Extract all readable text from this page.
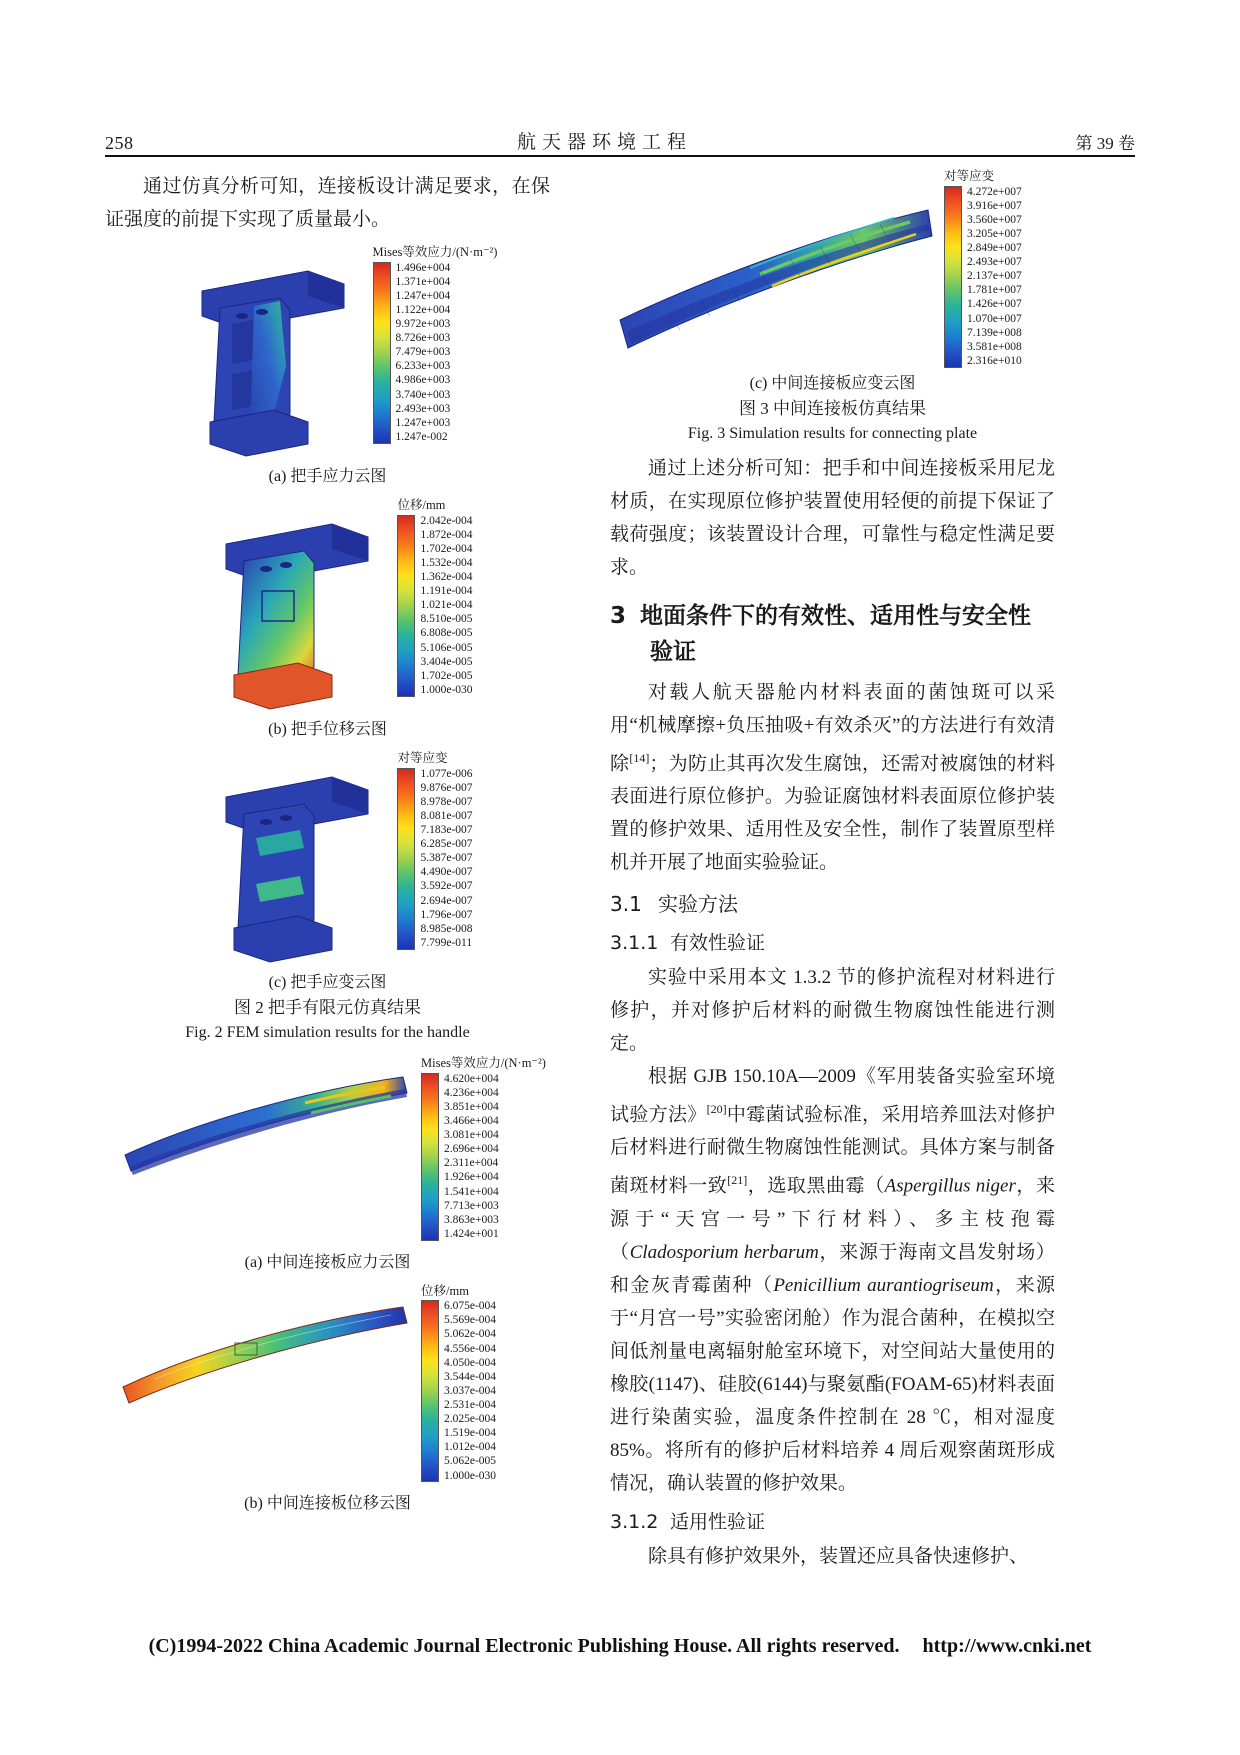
258	航天器环境工程	第 39 卷

通过仿真分析可知，连接板设计满足要求，在保证强度的前提下实现了质量最小。

Mises等效应力/(N·m⁻²)
1.496e+004
1.371e+004
1.247e+004
1.122e+004
9.972e+003
8.726e+003
7.479e+003
6.233e+003
4.986e+003
3.740e+003
2.493e+003
1.247e+003
1.247e-002
(a) 把手应力云图
位移/mm
2.042e-004
1.872e-004
1.702e-004
1.532e-004
1.362e-004
1.191e-004
1.021e-004
8.510e-005
6.808e-005
5.106e-005
3.404e-005
1.702e-005
1.000e-030
(b) 把手位移云图
对等应变
1.077e-006
9.876e-007
8.978e-007
8.081e-007
7.183e-007
6.285e-007
5.387e-007
4.490e-007
3.592e-007
2.694e-007
1.796e-007
8.985e-008
7.799e-011
(c) 把手应变云图
图 2 把手有限元仿真结果
Fig. 2 FEM simulation results for the handle
Mises等效应力/(N·m⁻²)
4.620e+004
4.236e+004
3.851e+004
3.466e+004
3.081e+004
2.696e+004
2.311e+004
1.926e+004
1.541e+004
7.713e+003
3.863e+003
1.424e+001
(a) 中间连接板应力云图
位移/mm
6.075e-004
5.569e-004
5.062e-004
4.556e-004
4.050e-004
3.544e-004
3.037e-004
2.531e-004
2.025e-004
1.519e-004
1.012e-004
5.062e-005
1.000e-030
(b) 中间连接板位移云图
对等应变
4.272e+007
3.916e+007
3.560e+007
3.205e+007
2.849e+007
2.493e+007
2.137e+007
1.781e+007
1.426e+007
1.070e+007
7.139e+008
3.581e+008
2.316e+010
(c) 中间连接板应变云图
图 3 中间连接板仿真结果
Fig. 3 Simulation results for connecting plate

通过上述分析可知：把手和中间连接板采用尼龙材质，在实现原位修护装置使用轻便的前提下保证了载荷强度；该装置设计合理，可靠性与稳定性满足要求。

3 地面条件下的有效性、适用性与安全性
验证

对载人航天器舱内材料表面的菌蚀斑可以采用“机械摩擦+负压抽吸+有效杀灭”的方法进行有效清除[14]；为防止其再次发生腐蚀，还需对被腐蚀的材料表面进行原位修护。为验证腐蚀材料表面原位修护装置的修护效果、适用性及安全性，制作了装置原型样机并开展了地面实验验证。

3.1 实验方法
3.1.1 有效性验证

实验中采用本文 1.3.2 节的修护流程对材料进行修护，并对修护后材料的耐微生物腐蚀性能进行测定。

根据 GJB 150.10A—2009《军用装备实验室环境试验方法》[20]中霉菌试验标准，采用培养皿法对修护后材料进行耐微生物腐蚀性能测试。具体方案与制备菌斑材料一致[21]，选取黑曲霉（Aspergillus niger，来源于“天宫一号”下行材料）、多主枝孢霉（Cladosporium herbarum，来源于海南文昌发射场）和金灰青霉菌种（Penicillium aurantiogriseum，来源于“月宫一号”实验密闭舱）作为混合菌种，在模拟空间低剂量电离辐射舱室环境下，对空间站大量使用的橡胶(1147)、硅胶(6144)与聚氨酯(FOAM-65)材料表面进行染菌实验，温度条件控制在 28 ℃，相对湿度 85%。将所有的修护后材料培养 4 周后观察菌斑形成情况，确认装置的修护效果。

3.1.2 适用性验证

除具有修护效果外，装置还应具备快速修护、

(C)1994-2022 China Academic Journal Electronic Publishing House. All rights reserved. http://www.cnki.net
